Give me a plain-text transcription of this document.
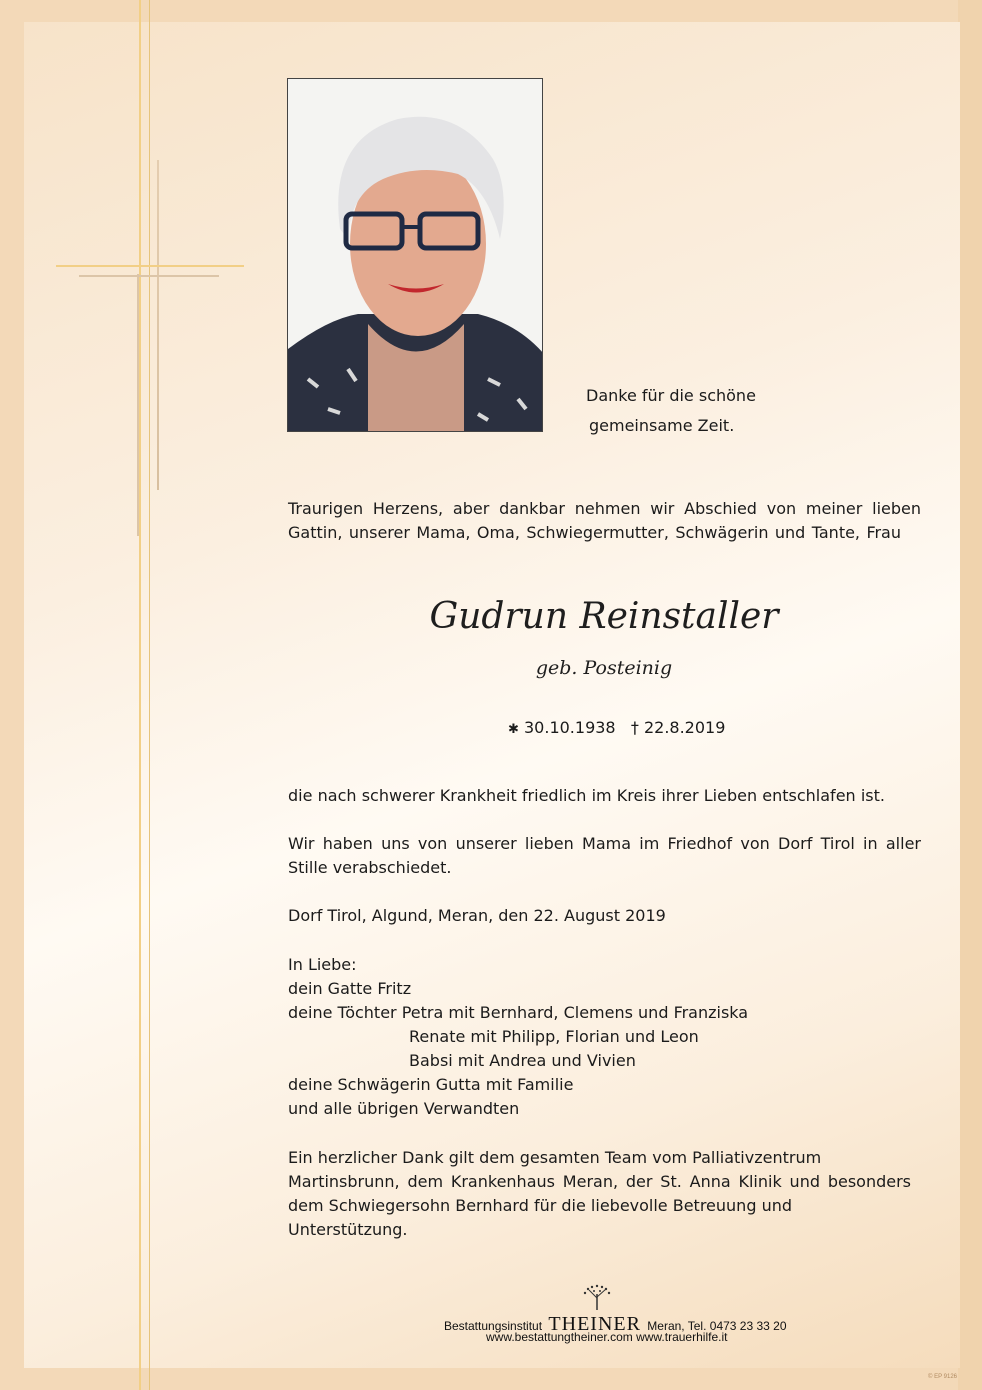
Danke für die schöne

gemeinsame Zeit.

Traurigen Herzens, aber dankbar nehmen wir Abschied von meiner lieben

Gattin, unserer Mama, Oma, Schwiegermutter, Schwägerin und Tante, Frau

Gudrun Reinstaller
geb. Posteinig
✱ 30.10.1938 † 22.8.2019

die nach schwerer Krankheit friedlich im Kreis ihrer Lieben entschlafen ist.

Wir haben uns von unserer lieben Mama im Friedhof von Dorf Tirol in aller

Stille verabschiedet.

Dorf Tirol, Algund, Meran, den 22. August 2019

In Liebe:

dein Gatte Fritz

deine Töchter Petra mit Bernhard, Clemens und Franziska

Renate mit Philipp, Florian und Leon

Babsi mit Andrea und Vivien

deine Schwägerin Gutta mit Familie

und alle übrigen Verwandten

Ein herzlicher Dank gilt dem gesamten Team vom Palliativzentrum

Martinsbrunn, dem Krankenhaus Meran, der St. Anna Klinik und besonders

dem Schwiegersohn Bernhard für die liebevolle Betreuung und

Unterstützung.

Bestattungsinstitut THEINER Meran, Tel. 0473 23 33 20
www.bestattungtheiner.com www.trauerhilfe.it
© EP 9126
